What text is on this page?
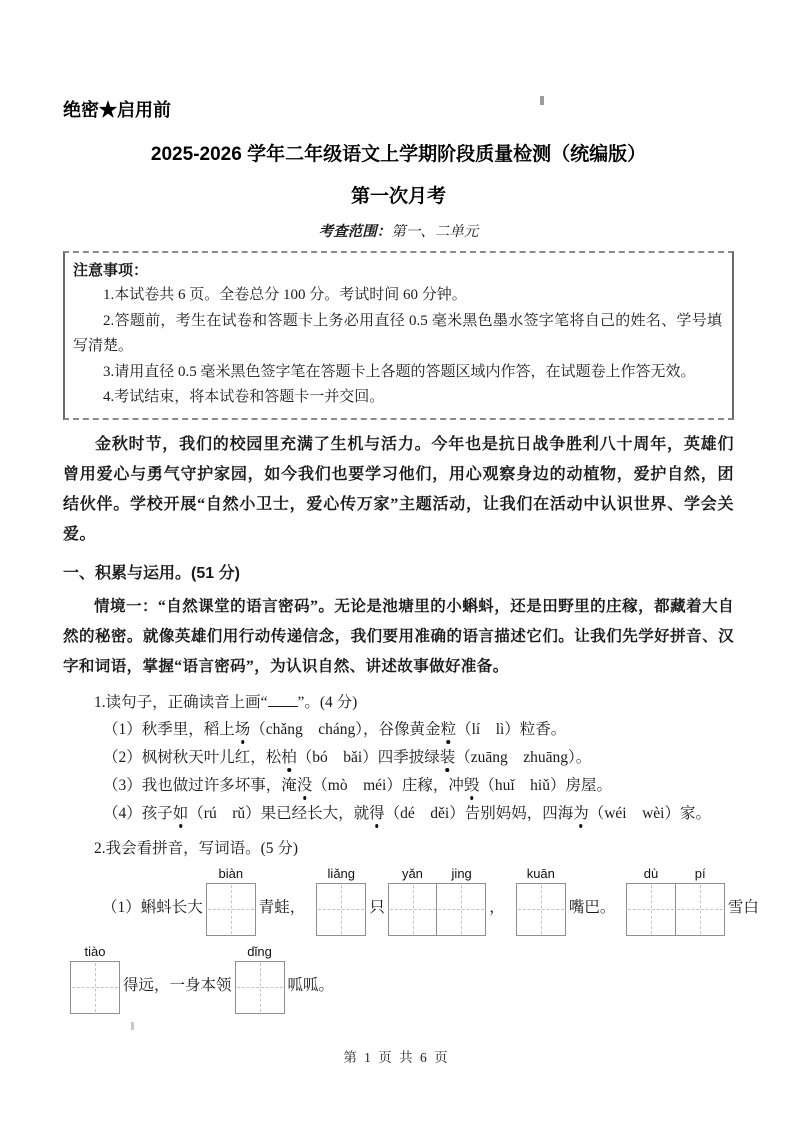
绝密★启用前
2025-2026 学年二年级语文上学期阶段质量检测（统编版）
第一次月考
考查范围：第一、二单元
注意事项：

1.本试卷共 6 页。全卷总分 100 分。考试时间 60 分钟。

2.答题前，考生在试卷和答题卡上务必用直径 0.5 毫米黑色墨水签字笔将自己的姓名、学号填写清楚。

3.请用直径 0.5 毫米黑色签字笔在答题卡上各题的答题区域内作答，在试题卷上作答无效。

4.考试结束，将本试卷和答题卡一并交回。

金秋时节，我们的校园里充满了生机与活力。今年也是抗日战争胜利八十周年，英雄们曾用爱心与勇气守护家园，如今我们也要学习他们，用心观察身边的动植物，爱护自然，团结伙伴。学校开展“自然小卫士，爱心传万家”主题活动，让我们在活动中认识世界、学会关爱。

一、积累与运用。(51 分)

情境一：“自然课堂的语言密码”。无论是池塘里的小蝌蚪，还是田野里的庄稼，都藏着大自然的秘密。就像英雄们用行动传递信念，我们要用准确的语言描述它们。让我们先学好拼音、汉字和词语，掌握“语言密码”，为认识自然、讲述故事做好准备。

1.读句子，正确读音上画“ ”。(4 分)

（1）秋季里，稻上场（chǎng cháng），谷像黄金粒（lí lì）粒香。

（2）枫树秋天叶儿红，松柏（bó bǎi）四季披绿装（zuāng zhuāng）。

（3）我也做过许多坏事，淹没（mò méi）庄稼，冲毁（huǐ hiǔ）房屋。

（4）孩子如（rú rǔ）果已经长大，就得（dé děi）告别妈妈，四海为（wéi wèi）家。

2.我会看拼音，写词语。(5 分)

（1）蝌蚪长大
biàn
青蛙，
liǎng
只
yǎn	jing
，
kuān
嘴巴。
dù	pí
雪白
tiào
得远，一身本领
dǐng
呱呱。
第 1 页 共 6 页
